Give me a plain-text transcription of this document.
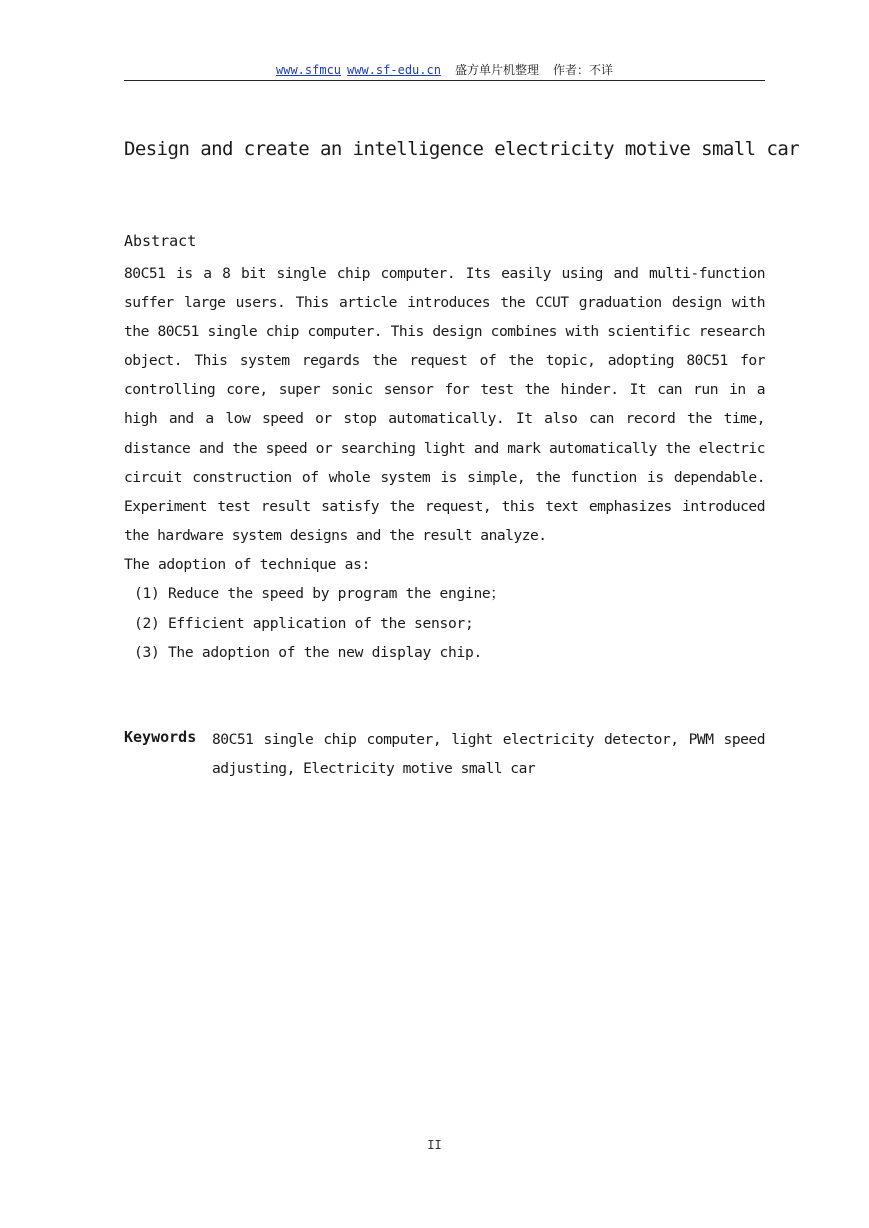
www.sfmcu www.sf-edu.cn 盛方单片机整理 作者：不详
Design and create an intelligence electricity motive small car
Abstract
80C51 is a 8 bit single chip computer. Its easily using and multi-function suffer large users. This article introduces the CCUT graduation design with the 80C51 single chip computer. This design combines with scientific research object. This system regards the request of the topic, adopting 80C51 for controlling core, super sonic sensor for test the hinder. It can run in a high and a low speed or stop automatically. It also can record the time, distance and the speed or searching light and mark automatically the electric circuit construction of whole system is simple, the function is dependable. Experiment test result satisfy the request, this text emphasizes introduced the hardware system designs and the result analyze.
The adoption of technique as:
(1) Reduce the speed by program the engine；
(2) Efficient application of the sensor;
(3) The adoption of the new display chip.
Keywords 80C51 single chip computer, light electricity detector, PWM speed adjusting, Electricity motive small car
II
